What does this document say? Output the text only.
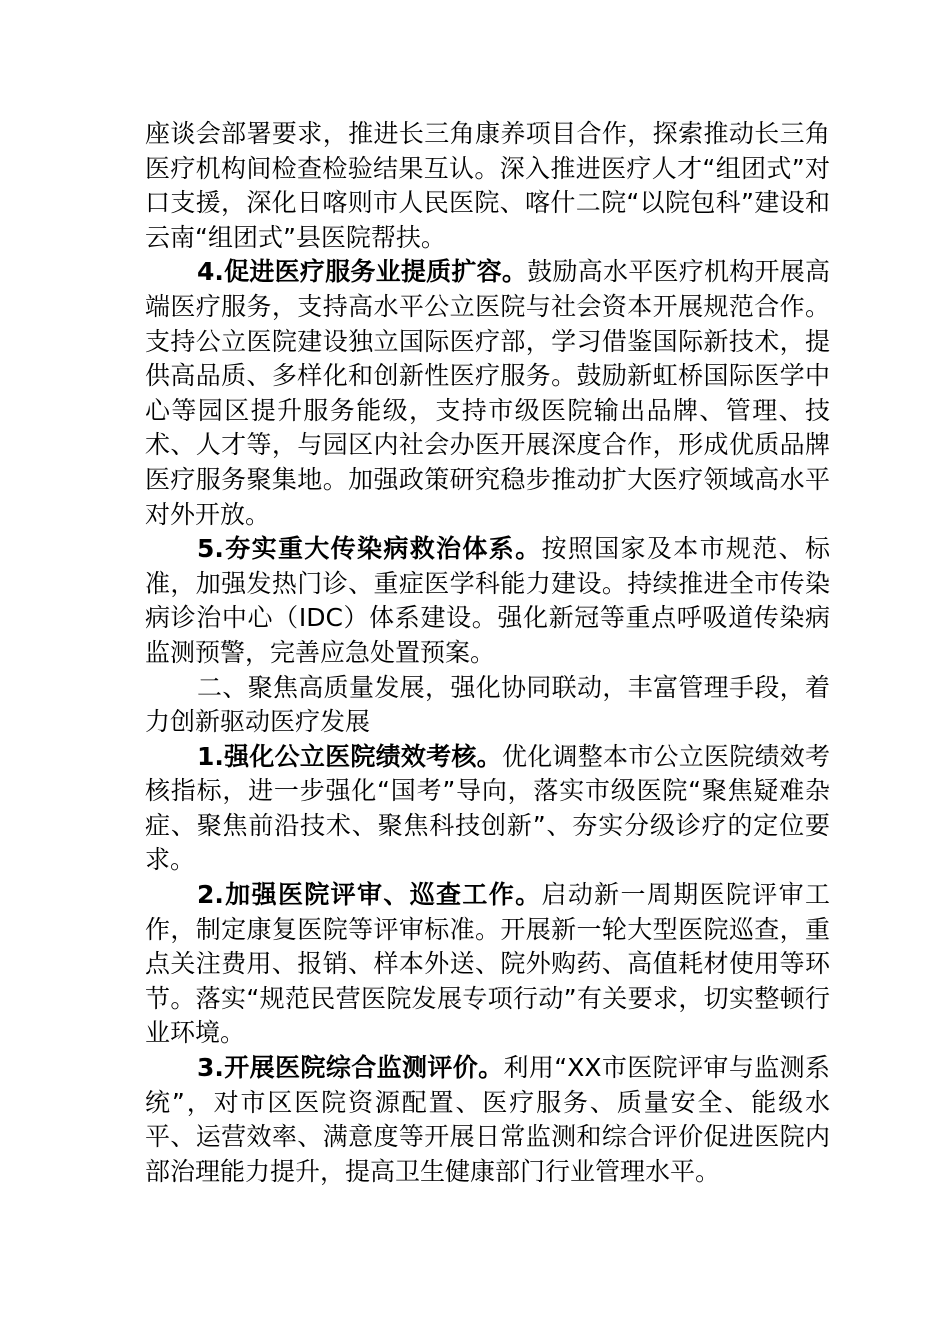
座谈会部署要求，推进长三角康养项目合作，探索推动长三角医疗机构间检查检验结果互认。深入推进医疗人才“组团式”对口支援，深化日喀则市人民医院、喀什二院“以院包科”建设和云南“组团式”县医院帮扶。

4.促进医疗服务业提质扩容。鼓励高水平医疗机构开展高端医疗服务，支持高水平公立医院与社会资本开展规范合作。支持公立医院建设独立国际医疗部，学习借鉴国际新技术，提供高品质、多样化和创新性医疗服务。鼓励新虹桥国际医学中心等园区提升服务能级，支持市级医院输出品牌、管理、技术、人才等，与园区内社会办医开展深度合作，形成优质品牌医疗服务聚集地。加强政策研究稳步推动扩大医疗领域高水平对外开放。

5.夯实重大传染病救治体系。按照国家及本市规范、标准，加强发热门诊、重症医学科能力建设。持续推进全市传染病诊治中心（IDC）体系建设。强化新冠等重点呼吸道传染病监测预警，完善应急处置预案。

二、聚焦高质量发展，强化协同联动，丰富管理手段，着力创新驱动医疗发展

1.强化公立医院绩效考核。优化调整本市公立医院绩效考核指标，进一步强化“国考”导向，落实市级医院“聚焦疑难杂症、聚焦前沿技术、聚焦科技创新”、夯实分级诊疗的定位要求。

2.加强医院评审、巡查工作。启动新一周期医院评审工作，制定康复医院等评审标准。开展新一轮大型医院巡查，重点关注费用、报销、样本外送、院外购药、高值耗材使用等环节。落实“规范民营医院发展专项行动”有关要求，切实整顿行业环境。

3.开展医院综合监测评价。利用“XX市医院评审与监测系统”，对市区医院资源配置、医疗服务、质量安全、能级水平、运营效率、满意度等开展日常监测和综合评价促进医院内部治理能力提升，提高卫生健康部门行业管理水平。
